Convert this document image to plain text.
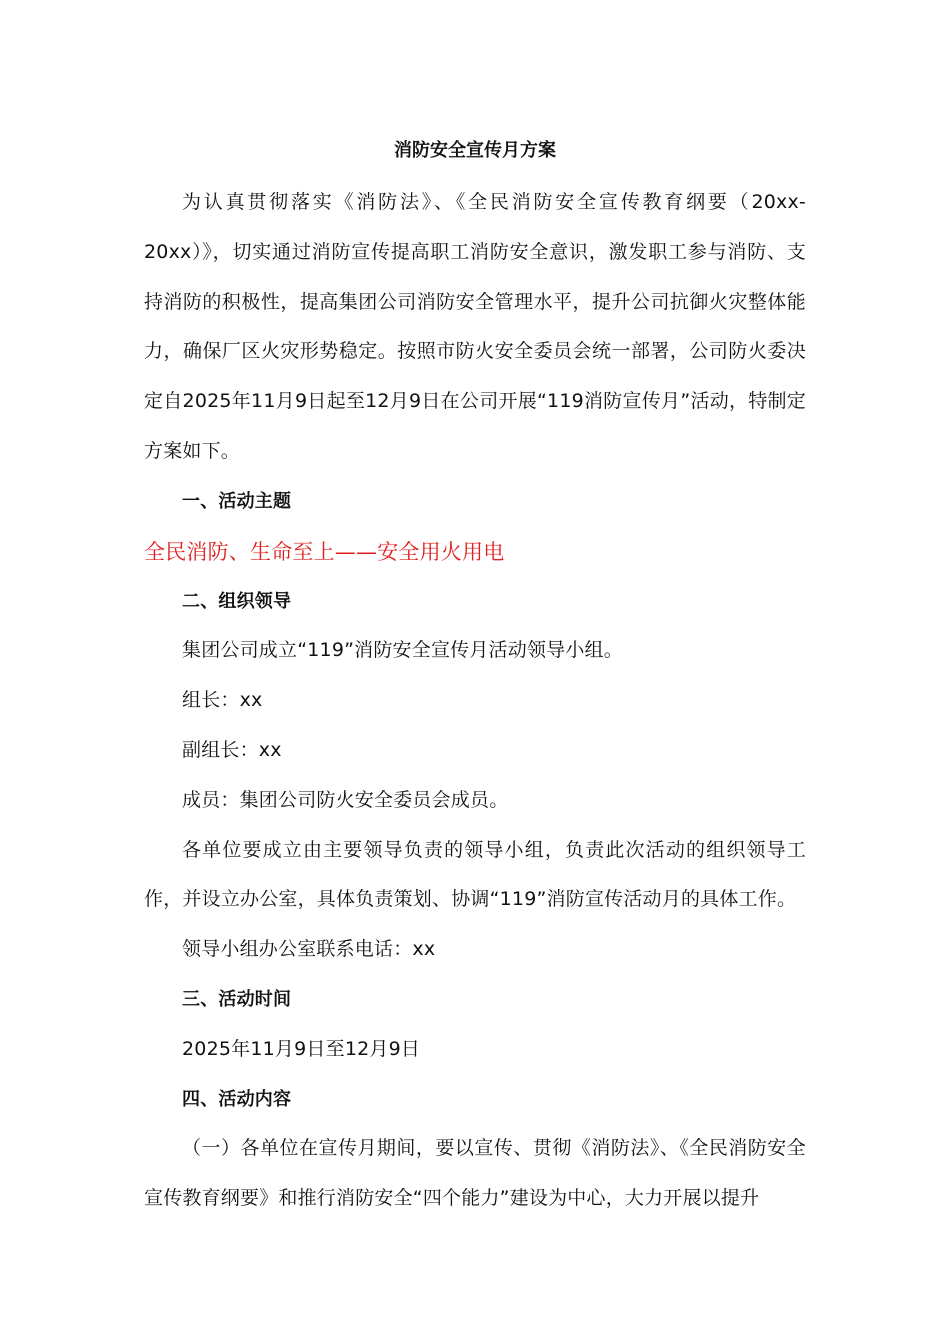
消防安全宣传月方案

为认真贯彻落实《消防法》、《全民消防安全宣传教育纲要（20xx-20xx）》，切实通过消防宣传提高职工消防安全意识，激发职工参与消防、支持消防的积极性，提高集团公司消防安全管理水平，提升公司抗御火灾整体能力，确保厂区火灾形势稳定。按照市防火安全委员会统一部署，公司防火委决定自2025年11月9日起至12月9日在公司开展“119消防宣传月”活动，特制定方案如下。

一、活动主题

全民消防、生命至上——安全用火用电

二、组织领导

集团公司成立“119”消防安全宣传月活动领导小组。

组长：xx

副组长：xx

成员：集团公司防火安全委员会成员。

各单位要成立由主要领导负责的领导小组，负责此次活动的组织领导工作，并设立办公室，具体负责策划、协调“119”消防宣传活动月的具体工作。

领导小组办公室联系电话：xx

三、活动时间

2025年11月9日至12月9日

四、活动内容

（一）各单位在宣传月期间，要以宣传、贯彻《消防法》、《全民消防安全宣传教育纲要》和推行消防安全“四个能力”建设为中心，大力开展以提升
